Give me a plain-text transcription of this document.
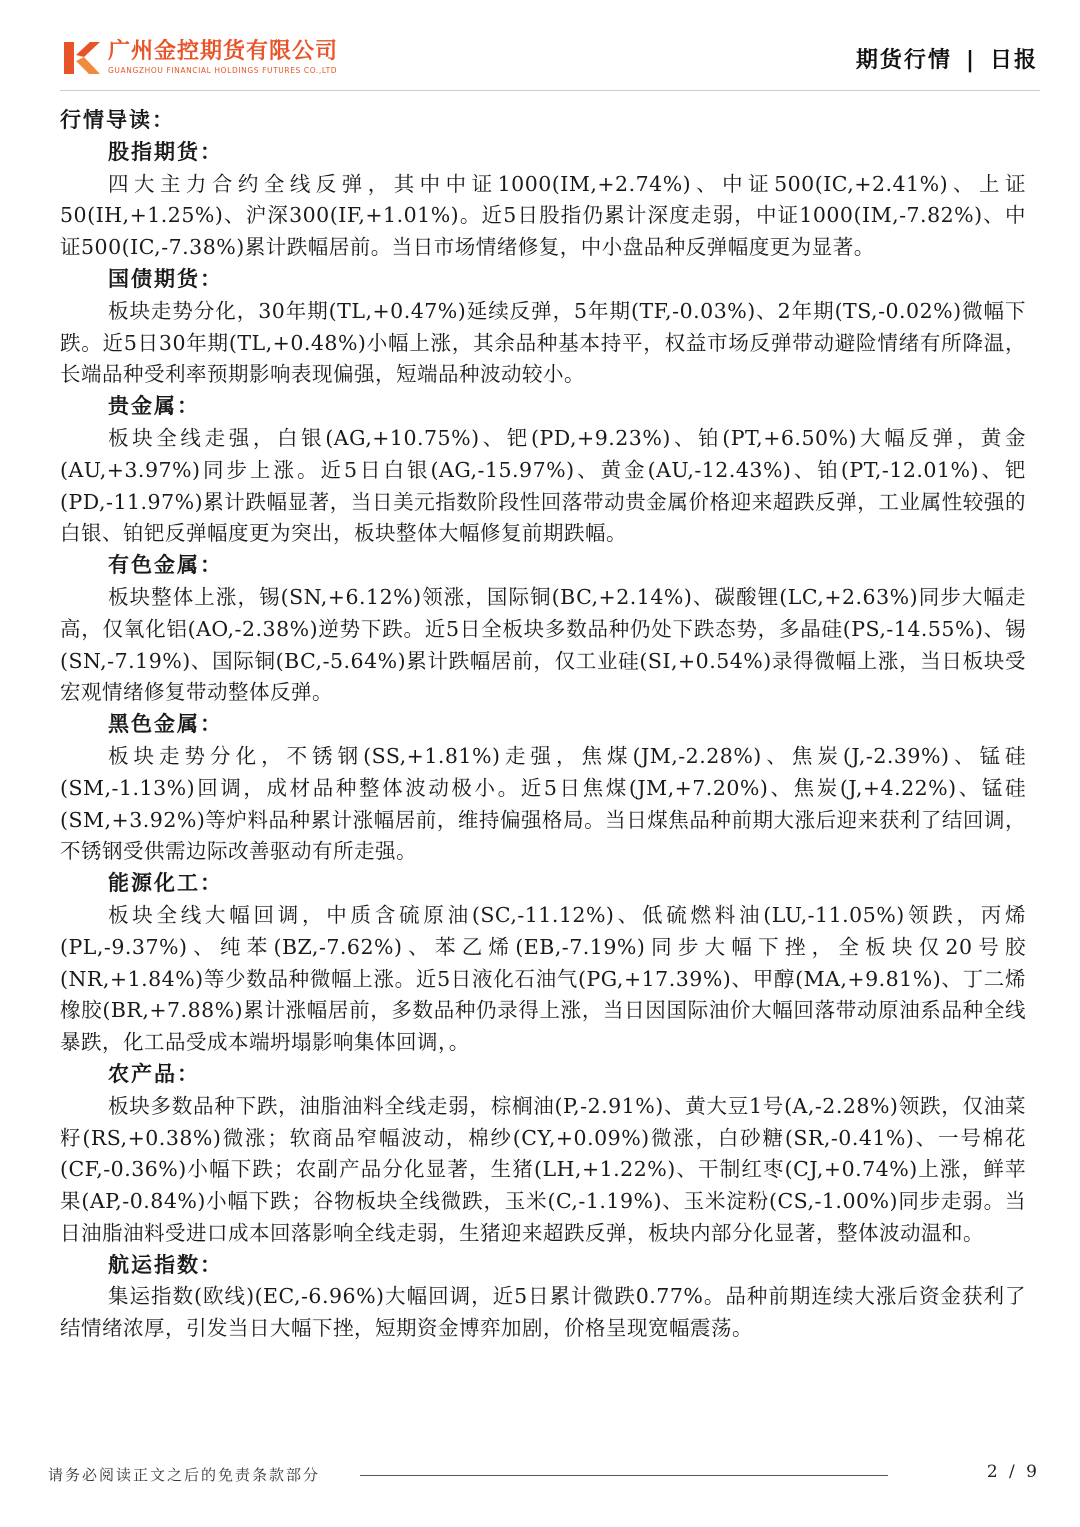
广州金控期货有限公司
GUANGZHOU FINANCIAL HOLDINGS FUTURES CO.,LTD	期货行情 | 日报
行情导读：
股指期货：

四大主力合约全线反弹，其中中证1000(IM,+2.74%)、中证500(IC,+2.41%)、上证50(IH,+1.25%)、沪深300(IF,+1.01%)。近5日股指仍累计深度走弱，中证1000(IM,-7.82%)、中证500(IC,-7.38%)累计跌幅居前。当日市场情绪修复，中小盘品种反弹幅度更为显著。

国债期货：

板块走势分化，30年期(TL,+0.47%)延续反弹，5年期(TF,-0.03%)、2年期(TS,-0.02%)微幅下跌。近5日30年期(TL,+0.48%)小幅上涨，其余品种基本持平，权益市场反弹带动避险情绪有所降温，长端品种受利率预期影响表现偏强，短端品种波动较小。

贵金属：

板块全线走强，白银(AG,+10.75%)、钯(PD,+9.23%)、铂(PT,+6.50%)大幅反弹，黄金(AU,+3.97%)同步上涨。近5日白银(AG,-15.97%)、黄金(AU,-12.43%)、铂(PT,-12.01%)、钯(PD,-11.97%)累计跌幅显著，当日美元指数阶段性回落带动贵金属价格迎来超跌反弹，工业属性较强的白银、铂钯反弹幅度更为突出，板块整体大幅修复前期跌幅。

有色金属：

板块整体上涨，锡(SN,+6.12%)领涨，国际铜(BC,+2.14%)、碳酸锂(LC,+2.63%)同步大幅走高，仅氧化铝(AO,-2.38%)逆势下跌。近5日全板块多数品种仍处下跌态势，多晶硅(PS,-14.55%)、锡(SN,-7.19%)、国际铜(BC,-5.64%)累计跌幅居前，仅工业硅(SI,+0.54%)录得微幅上涨，当日板块受宏观情绪修复带动整体反弹。

黑色金属：

板块走势分化，不锈钢(SS,+1.81%)走强，焦煤(JM,-2.28%)、焦炭(J,-2.39%)、锰硅(SM,-1.13%)回调，成材品种整体波动极小。近5日焦煤(JM,+7.20%)、焦炭(J,+4.22%)、锰硅(SM,+3.92%)等炉料品种累计涨幅居前，维持偏强格局。当日煤焦品种前期大涨后迎来获利了结回调，不锈钢受供需边际改善驱动有所走强。

能源化工：

板块全线大幅回调，中质含硫原油(SC,-11.12%)、低硫燃料油(LU,-11.05%)领跌，丙烯(PL,-9.37%)、纯苯(BZ,-7.62%)、苯乙烯(EB,-7.19%)同步大幅下挫，全板块仅20号胶(NR,+1.84%)等少数品种微幅上涨。近5日液化石油气(PG,+17.39%)、甲醇(MA,+9.81%)、丁二烯橡胶(BR,+7.88%)累计涨幅居前，多数品种仍录得上涨，当日因国际油价大幅回落带动原油系品种全线暴跌，化工品受成本端坍塌影响集体回调，。

农产品：

板块多数品种下跌，油脂油料全线走弱，棕榈油(P,-2.91%)、黄大豆1号(A,-2.28%)领跌，仅油菜籽(RS,+0.38%)微涨；软商品窄幅波动，棉纱(CY,+0.09%)微涨，白砂糖(SR,-0.41%)、一号棉花(CF,-0.36%)小幅下跌；农副产品分化显著，生猪(LH,+1.22%)、干制红枣(CJ,+0.74%)上涨，鲜苹果(AP,-0.84%)小幅下跌；谷物板块全线微跌，玉米(C,-1.19%)、玉米淀粉(CS,-1.00%)同步走弱。当日油脂油料受进口成本回落影响全线走弱，生猪迎来超跌反弹，板块内部分化显著，整体波动温和。

航运指数：

集运指数(欧线)(EC,-6.96%)大幅回调，近5日累计微跌0.77%。品种前期连续大涨后资金获利了结情绪浓厚，引发当日大幅下挫，短期资金博弈加剧，价格呈现宽幅震荡。

请务必阅读正文之后的免责条款部分	2 / 9
